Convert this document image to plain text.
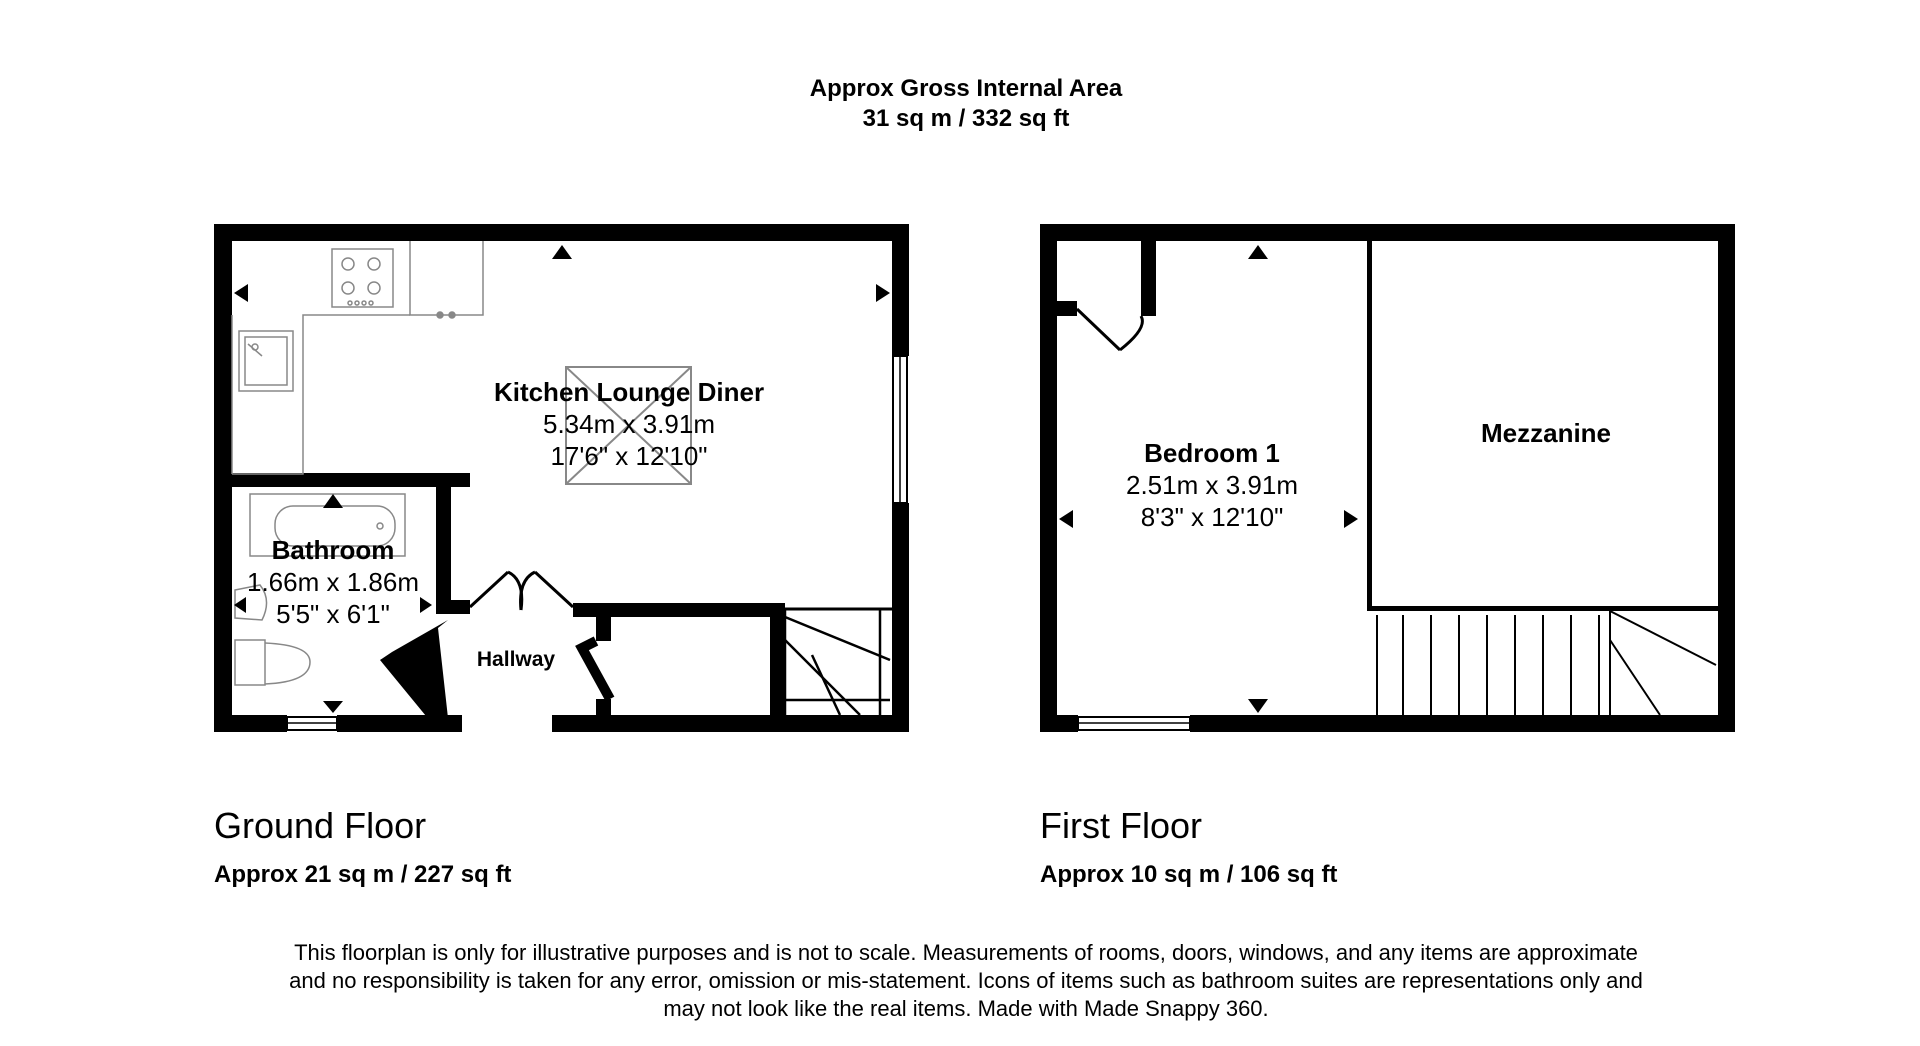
Approx Gross Internal Area
31 sq m / 332 sq ft
Kitchen Lounge Diner
5.34m x 3.91m
17'6" x 12'10"
Bathroom
1.66m x 1.86m
5'5" x 6'1"
Hallway
Bedroom 1
2.51m x 3.91m
8'3" x 12'10"
Mezzanine
Ground Floor
Approx 21 sq m / 227 sq ft
First Floor
Approx 10 sq m / 106 sq ft
This floorplan is only for illustrative purposes and is not to scale. Measurements of rooms, doors, windows, and any items are approximate
and no responsibility is taken for any error, omission or mis-statement. Icons of items such as bathroom suites are representations only and
may not look like the real items. Made with Made Snappy 360.
